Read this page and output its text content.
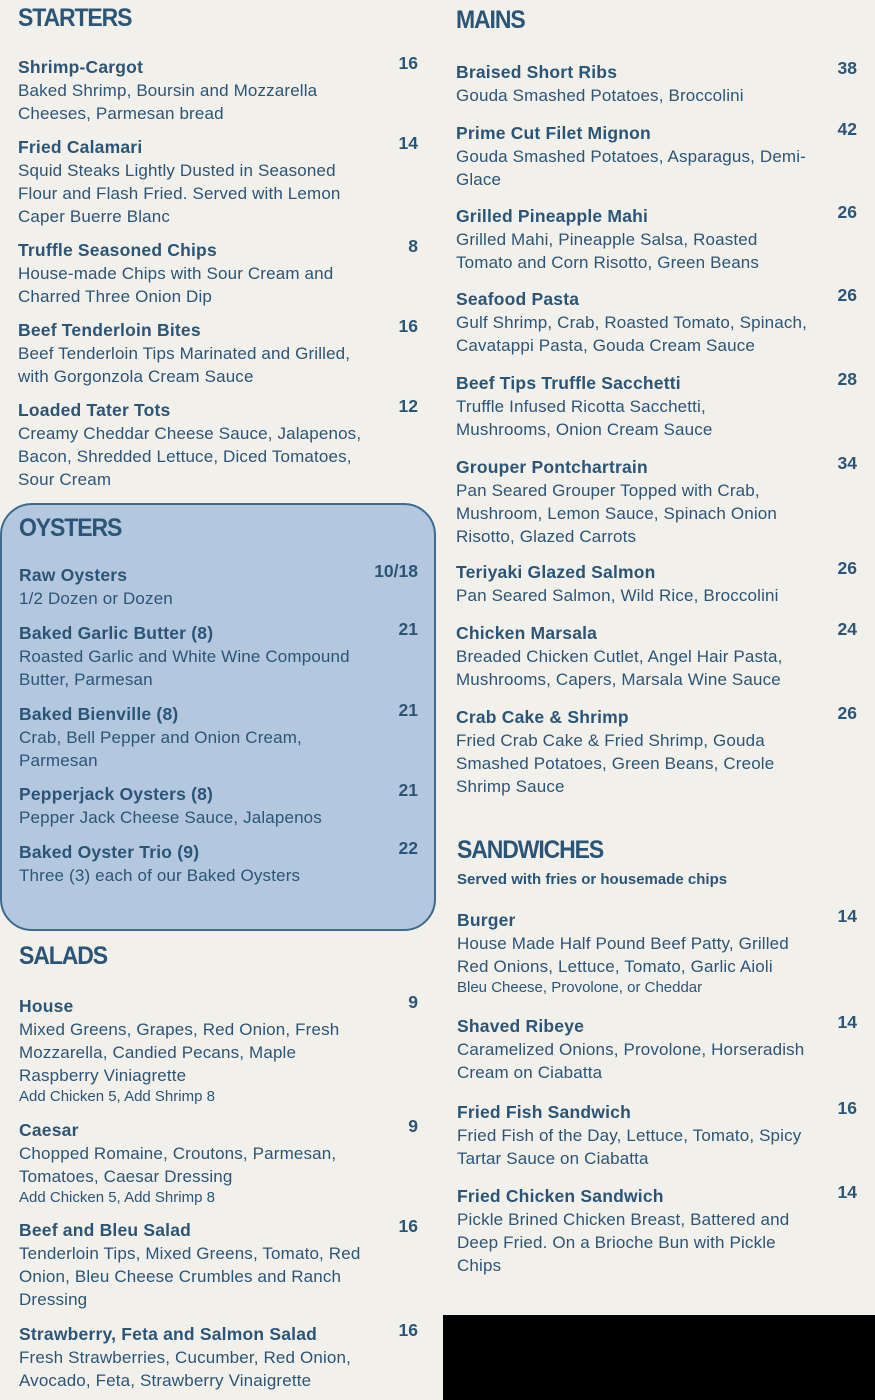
STARTERS
Shrimp-Cargot	16
Baked Shrimp, Boursin and Mozzarella
Cheeses, Parmesan bread
Fried Calamari	14
Squid Steaks Lightly Dusted in Seasoned
Flour and Flash Fried. Served with Lemon
Caper Buerre Blanc
Truffle Seasoned Chips	8
House-made Chips with Sour Cream and
Charred Three Onion Dip
Beef Tenderloin Bites	16
Beef Tenderloin Tips Marinated and Grilled,
with Gorgonzola Cream Sauce
Loaded Tater Tots	12
Creamy Cheddar Cheese Sauce, Jalapenos,
Bacon, Shredded Lettuce, Diced Tomatoes,
Sour Cream
OYSTERS
Raw Oysters	10/18
1/2 Dozen or Dozen
Baked Garlic Butter (8)	21
Roasted Garlic and White Wine Compound
Butter, Parmesan
Baked Bienville (8)	21
Crab, Bell Pepper and Onion Cream,
Parmesan
Pepperjack Oysters (8)	21
Pepper Jack Cheese Sauce, Jalapenos
Baked Oyster Trio (9)	22
Three (3) each of our Baked Oysters
SALADS
House	9
Mixed Greens, Grapes, Red Onion, Fresh
Mozzarella, Candied Pecans, Maple
Raspberry Viniagrette
Add Chicken 5, Add Shrimp 8
Caesar	9
Chopped Romaine, Croutons, Parmesan,
Tomatoes, Caesar Dressing
Add Chicken 5, Add Shrimp 8
Beef and Bleu Salad	16
Tenderloin Tips, Mixed Greens, Tomato, Red
Onion, Bleu Cheese Crumbles and Ranch
Dressing
Strawberry, Feta and Salmon Salad	16
Fresh Strawberries, Cucumber, Red Onion,
Avocado, Feta, Strawberry Vinaigrette
MAINS
Braised Short Ribs	38
Gouda Smashed Potatoes, Broccolini
Prime Cut Filet Mignon	42
Gouda Smashed Potatoes, Asparagus, Demi-
Glace
Grilled Pineapple Mahi	26
Grilled Mahi, Pineapple Salsa, Roasted
Tomato and Corn Risotto, Green Beans
Seafood Pasta	26
Gulf Shrimp, Crab, Roasted Tomato, Spinach,
Cavatappi Pasta, Gouda Cream Sauce
Beef Tips Truffle Sacchetti	28
Truffle Infused Ricotta Sacchetti,
Mushrooms, Onion Cream Sauce
Grouper Pontchartrain	34
Pan Seared Grouper Topped with Crab,
Mushroom, Lemon Sauce, Spinach Onion
Risotto, Glazed Carrots
Teriyaki Glazed Salmon	26
Pan Seared Salmon, Wild Rice, Broccolini
Chicken Marsala	24
Breaded Chicken Cutlet, Angel Hair Pasta,
Mushrooms, Capers, Marsala Wine Sauce
Crab Cake & Shrimp	26
Fried Crab Cake & Fried Shrimp, Gouda
Smashed Potatoes, Green Beans, Creole
Shrimp Sauce
SANDWICHES
Served with fries or housemade chips
Burger	14
House Made Half Pound Beef Patty, Grilled
Red Onions, Lettuce, Tomato, Garlic Aioli
Bleu Cheese, Provolone, or Cheddar
Shaved Ribeye	14
Caramelized Onions, Provolone, Horseradish
Cream on Ciabatta
Fried Fish Sandwich	16
Fried Fish of the Day, Lettuce, Tomato, Spicy
Tartar Sauce on Ciabatta
Fried Chicken Sandwich	14
Pickle Brined Chicken Breast, Battered and
Deep Fried. On a Brioche Bun with Pickle
Chips
